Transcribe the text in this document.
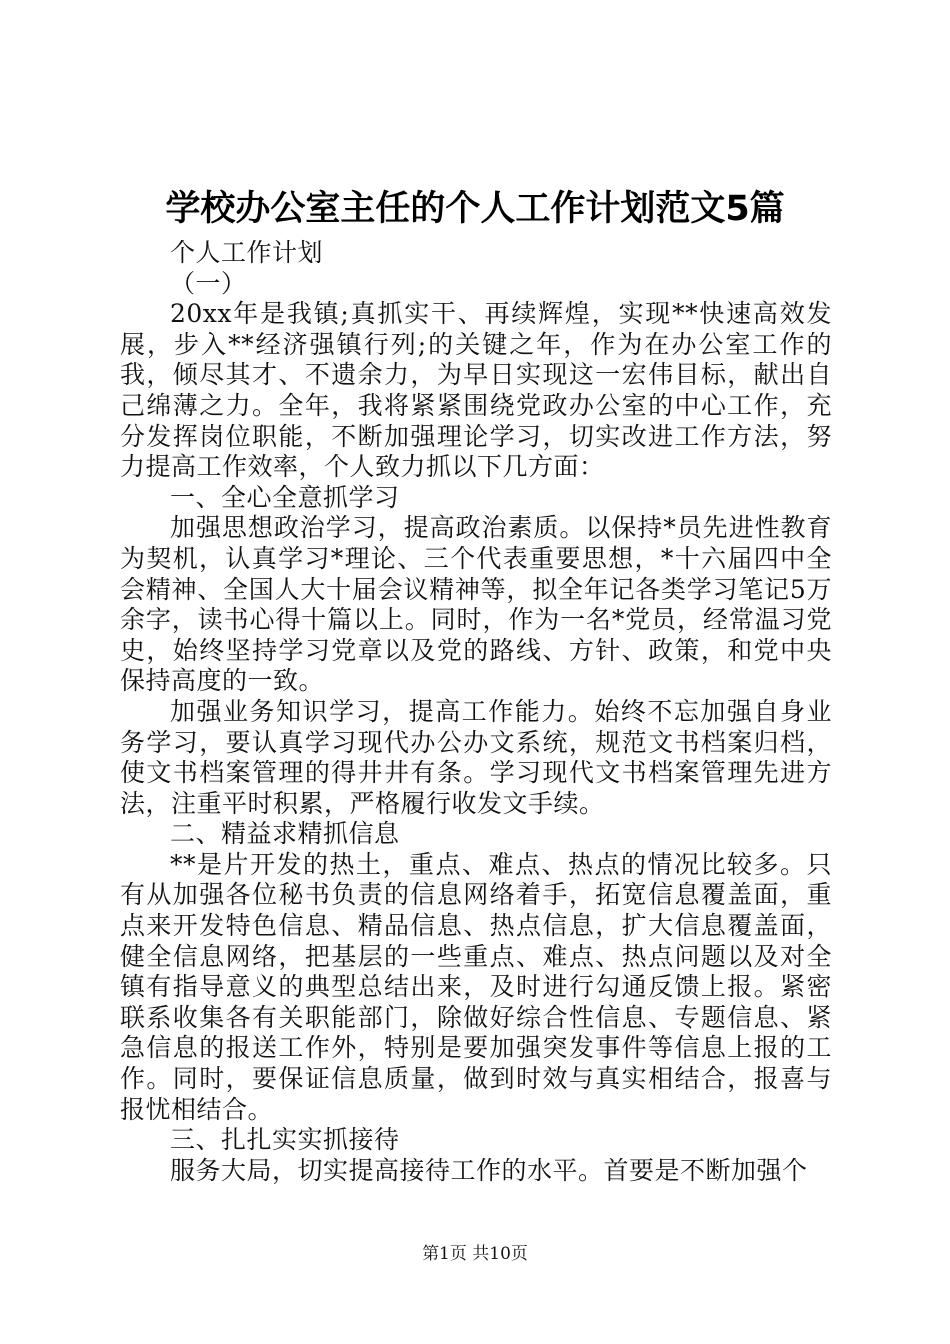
学校办公室主任的个人工作计划范文5篇

个人工作计划

（一）

20xx年是我镇;真抓实干、再续辉煌，实现**快速高效发展，步入**经济强镇行列;的关键之年，作为在办公室工作的我，倾尽其才、不遗余力，为早日实现这一宏伟目标，献出自己绵薄之力。全年，我将紧紧围绕党政办公室的中心工作，充分发挥岗位职能，不断加强理论学习，切实改进工作方法，努力提高工作效率，个人致力抓以下几方面：

一、全心全意抓学习

加强思想政治学习，提高政治素质。以保持*员先进性教育为契机，认真学习*理论、三个代表重要思想，*十六届四中全会精神、全国人大十届会议精神等，拟全年记各类学习笔记5万余字，读书心得十篇以上。同时，作为一名*党员，经常温习党史，始终坚持学习党章以及党的路线、方针、政策，和党中央保持高度的一致。

加强业务知识学习，提高工作能力。始终不忘加强自身业务学习，要认真学习现代办公办文系统，规范文书档案归档，使文书档案管理的得井井有条。学习现代文书档案管理先进方法，注重平时积累，严格履行收发文手续。

二、精益求精抓信息

**是片开发的热土，重点、难点、热点的情况比较多。只有从加强各位秘书负责的信息网络着手，拓宽信息覆盖面，重点来开发特色信息、精品信息、热点信息，扩大信息覆盖面，健全信息网络，把基层的一些重点、难点、热点问题以及对全镇有指导意义的典型总结出来，及时进行勾通反馈上报。紧密联系收集各有关职能部门，除做好综合性信息、专题信息、紧急信息的报送工作外，特别是要加强突发事件等信息上报的工作。同时，要保证信息质量，做到时效与真实相结合，报喜与报忧相结合。

三、扎扎实实抓接待

服务大局，切实提高接待工作的水平。首要是不断加强个

第1页 共10页
